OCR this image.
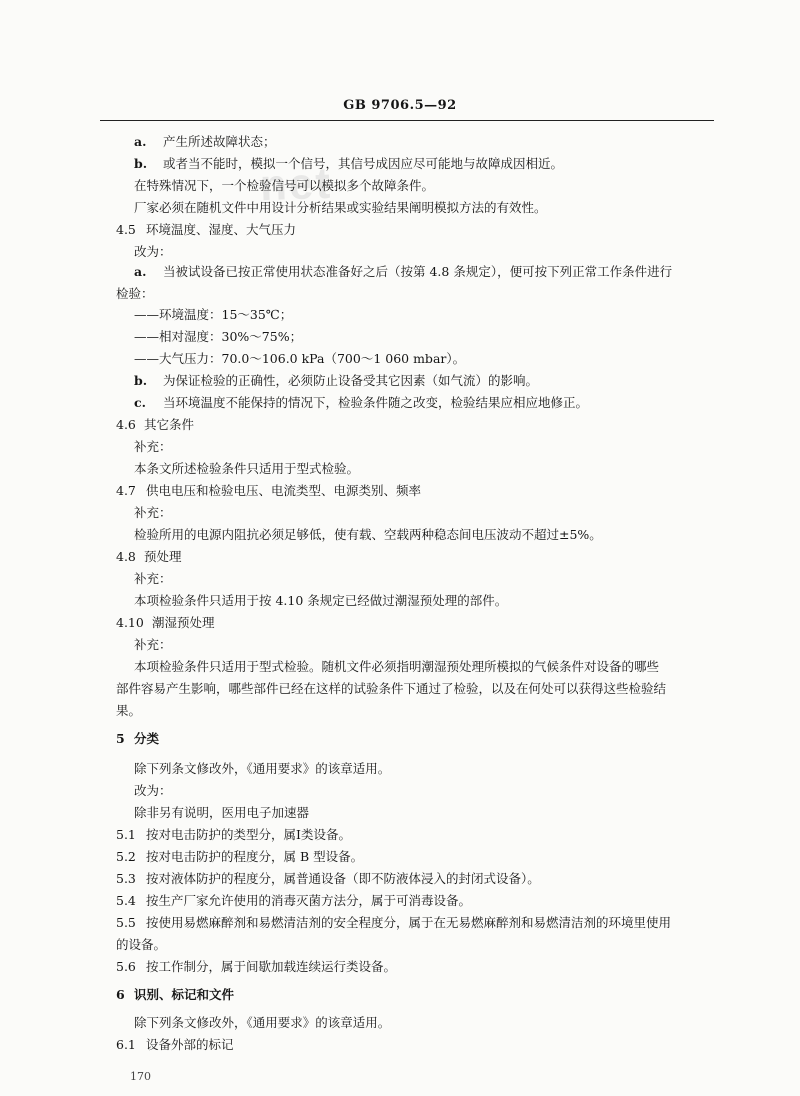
GB 9706.5—92
net
a. 产生所述故障状态；
b. 或者当不能时，模拟一个信号，其信号成因应尽可能地与故障成因相近。
在特殊情况下，一个检验信号可以模拟多个故障条件。
厂家必须在随机文件中用设计分析结果或实验结果阐明模拟方法的有效性。
4.5 环境温度、湿度、大气压力
改为：
a. 当被试设备已按正常使用状态准备好之后（按第 4.8 条规定），便可按下列正常工作条件进行
检验：
——环境温度：15～35℃；
——相对湿度：30%～75%；
——大气压力：70.0～106.0 kPa（700～1 060 mbar）。
b. 为保证检验的正确性，必须防止设备受其它因素（如气流）的影响。
c. 当环境温度不能保持的情况下，检验条件随之改变，检验结果应相应地修正。
4.6 其它条件
补充：
本条文所述检验条件只适用于型式检验。
4.7 供电电压和检验电压、电流类型、电源类别、频率
补充：
检验所用的电源内阻抗必须足够低，使有载、空载两种稳态间电压波动不超过±5%。
4.8 预处理
补充：
本项检验条件只适用于按 4.10 条规定已经做过潮湿预处理的部件。
4.10 潮湿预处理
补充：
本项检验条件只适用于型式检验。随机文件必须指明潮湿预处理所模拟的气候条件对设备的哪些
部件容易产生影响，哪些部件已经在这样的试验条件下通过了检验，以及在何处可以获得这些检验结
果。
5 分类
除下列条文修改外，《通用要求》的该章适用。
改为：
除非另有说明，医用电子加速器
5.1 按对电击防护的类型分，属Ⅰ类设备。
5.2 按对电击防护的程度分，属 B 型设备。
5.3 按对液体防护的程度分，属普通设备（即不防液体浸入的封闭式设备）。
5.4 按生产厂家允许使用的消毒灭菌方法分，属于可消毒设备。
5.5 按使用易燃麻醉剂和易燃清洁剂的安全程度分，属于在无易燃麻醉剂和易燃清洁剂的环境里使用
的设备。
5.6 按工作制分，属于间歇加载连续运行类设备。
6 识别、标记和文件
除下列条文修改外，《通用要求》的该章适用。
6.1 设备外部的标记
170
